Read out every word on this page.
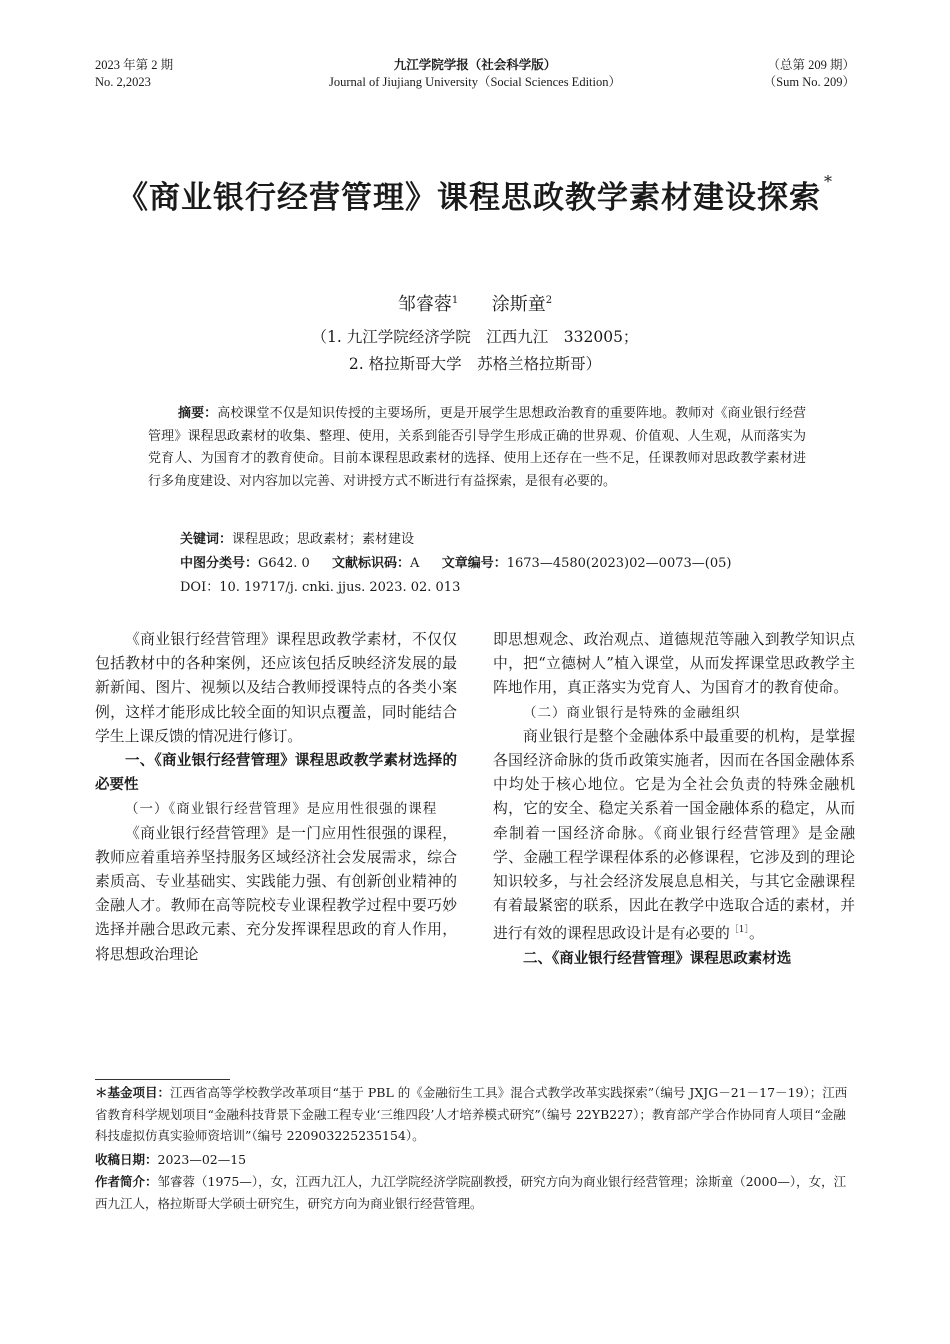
2023 年第 2 期
No. 2,2023
九江学院学报（社会科学版）
Journal of Jiujiang University（Social Sciences Edition）
（总第 209 期）
（Sum No. 209）
《商业银行经营管理》课程思政教学素材建设探索 *
邹睿蓉$^1$ 涂斯童$^2$
（1. 九江学院经济学院　江西九江　332005；
2. 格拉斯哥大学　苏格兰格拉斯哥）
摘要：高校课堂不仅是知识传授的主要场所，更是开展学生思想政治教育的重要阵地。教师对《商业银行经营管理》课程思政素材的收集、整理、使用，关系到能否引导学生形成正确的世界观、价值观、人生观，从而落实为党育人、为国育才的教育使命。目前本课程思政素材的选择、使用上还存在一些不足，任课教师对思政教学素材进行多角度建设、对内容加以完善、对讲授方式不断进行有益探索，是很有必要的。
关键词：课程思政；思政素材；素材建设
中图分类号：G642. 0 文献标识码：A 文章编号：1673—4580(2023)02—0073—(05)
DOI：10. 19717/j. cnki. jjus. 2023. 02. 013

《商业银行经营管理》课程思政教学素材，不仅仅包括教材中的各种案例，还应该包括反映经济发展的最新新闻、图片、视频以及结合教师授课特点的各类小案例，这样才能形成比较全面的知识点覆盖，同时能结合学生上课反馈的情况进行修订。

一、《商业银行经营管理》课程思政教学素材选择的必要性
（一）《商业银行经营管理》是应用性很强的课程

《商业银行经营管理》是一门应用性很强的课程，教师应着重培养坚持服务区域经济社会发展需求，综合素质高、专业基础实、实践能力强、有创新创业精神的金融人才。教师在高等院校专业课程教学过程中要巧妙选择并融合思政元素、充分发挥课程思政的育人作用，将思想政治理论

即思想观念、政治观点、道德规范等融入到教学知识点中，把“立德树人”植入课堂，从而发挥课堂思政教学主阵地作用，真正落实为党育人、为国育才的教育使命。

（二）商业银行是特殊的金融组织

商业银行是整个金融体系中最重要的机构，是掌握各国经济命脉的货币政策实施者，因而在各国金融体系中均处于核心地位。它是为全社会负责的特殊金融机构，它的安全、稳定关系着一国金融体系的稳定，从而牵制着一国经济命脉。《商业银行经营管理》是金融学、金融工程学课程体系的必修课程，它涉及到的理论知识较多，与社会经济发展息息相关，与其它金融课程有着最紧密的联系，因此在教学中选取合适的素材，并进行有效的课程思政设计是有必要的$^{[1]}$。

二、《商业银行经营管理》课程思政素材选
＊基金项目：江西省高等学校教学改革项目“基于 PBL 的《金融衍生工具》混合式教学改革实践探索”（编号 JXJG－21－17－19）；江西省教育科学规划项目“金融科技背景下金融工程专业‘三维四段’人才培养模式研究”（编号 22YB227）；教育部产学合作协同育人项目“金融科技虚拟仿真实验师资培训”（编号 220903225235154）。
收稿日期：2023—02—15
作者简介：邹睿蓉（1975—），女，江西九江人，九江学院经济学院副教授，研究方向为商业银行经营管理；涂斯童（2000—），女，江西九江人，格拉斯哥大学硕士研究生，研究方向为商业银行经营管理。
